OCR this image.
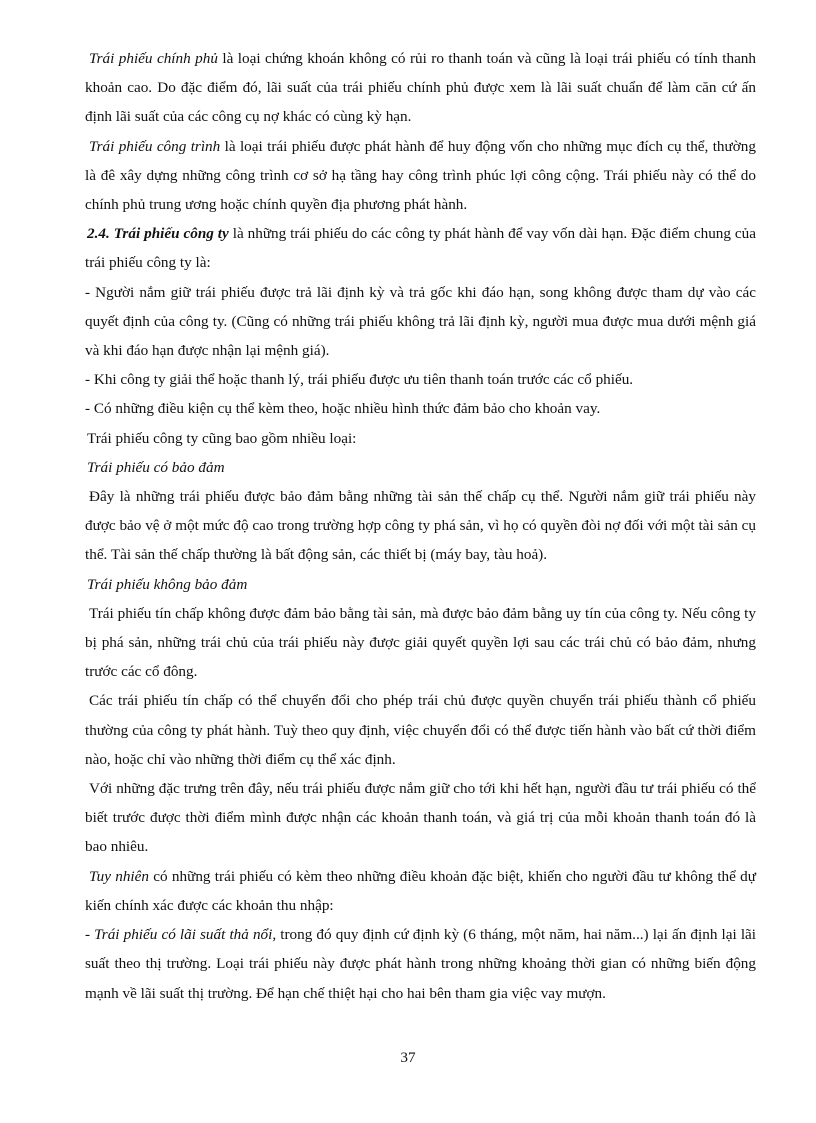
Trái phiếu chính phủ là loại chứng khoán không có rủi ro thanh toán và cũng là loại trái phiếu có tính thanh khoản cao. Do đặc điểm đó, lãi suất của trái phiếu chính phủ được xem là lãi suất chuẩn để làm căn cứ ấn định lãi suất của các công cụ nợ khác có cùng kỳ hạn.

Trái phiếu công trình là loại trái phiếu được phát hành để huy động vốn cho những mục đích cụ thể, thường là đê xây dựng những công trình cơ sở hạ tầng hay công trình phúc lợi công cộng. Trái phiếu này có thể do chính phủ trung ương hoặc chính quyền địa phương phát hành.

2.4. Trái phiếu công ty là những trái phiếu do các công ty phát hành để vay vốn dài hạn. Đặc điểm chung của trái phiếu công ty là:

- Người nắm giữ trái phiếu được trả lãi định kỳ và trả gốc khi đáo hạn, song không được tham dự vào các quyết định của công ty. (Cũng có những trái phiếu không trả lãi định kỳ, người mua được mua dưới mệnh giá và khi đáo hạn được nhận lại mệnh giá).

- Khi công ty giải thể hoặc thanh lý, trái phiếu được ưu tiên thanh toán trước các cổ phiếu.

- Có những điều kiện cụ thể kèm theo, hoặc nhiều hình thức đảm bảo cho khoản vay.

Trái phiếu công ty cũng bao gồm nhiều loại:

Trái phiếu có bảo đảm

Đây là những trái phiếu được bảo đảm bằng những tài sản thế chấp cụ thể. Người nắm giữ trái phiếu này được bảo vệ ở một mức độ cao trong trường hợp công ty phá sản, vì họ có quyền đòi nợ đối với một tài sản cụ thể. Tài sản thế chấp thường là bất động sản, các thiết bị (máy bay, tàu hoả).

Trái phiếu không bảo đảm

Trái phiếu tín chấp không được đảm bảo bằng tài sản, mà được bảo đảm bằng uy tín của công ty. Nếu công ty bị phá sản, những trái chủ của trái phiếu này được giải quyết quyền lợi sau các trái chủ có bảo đảm, nhưng trước các cổ đông.

Các trái phiếu tín chấp có thể chuyển đổi cho phép trái chủ được quyền chuyển trái phiếu thành cổ phiếu thường của công ty phát hành. Tuỳ theo quy định, việc chuyển đổi có thể được tiến hành vào bất cứ thời điểm nào, hoặc chỉ vào những thời điểm cụ thể xác định.

Với những đặc trưng trên đây, nếu trái phiếu được nắm giữ cho tới khi hết hạn, người đầu tư trái phiếu có thể biết trước được thời điểm mình được nhận các khoản thanh toán, và giá trị của mỗi khoản thanh toán đó là bao nhiêu.

Tuy nhiên có những trái phiếu có kèm theo những điều khoản đặc biệt, khiến cho người đầu tư không thể dự kiến chính xác được các khoản thu nhập:

- Trái phiếu có lãi suất thả nổi, trong đó quy định cứ định kỳ (6 tháng, một năm, hai năm...) lại ấn định lại lãi suất theo thị trường. Loại trái phiếu này được phát hành trong những khoảng thời gian có những biến động mạnh về lãi suất thị trường. Để hạn chế thiệt hại cho hai bên tham gia việc vay mượn.

37
